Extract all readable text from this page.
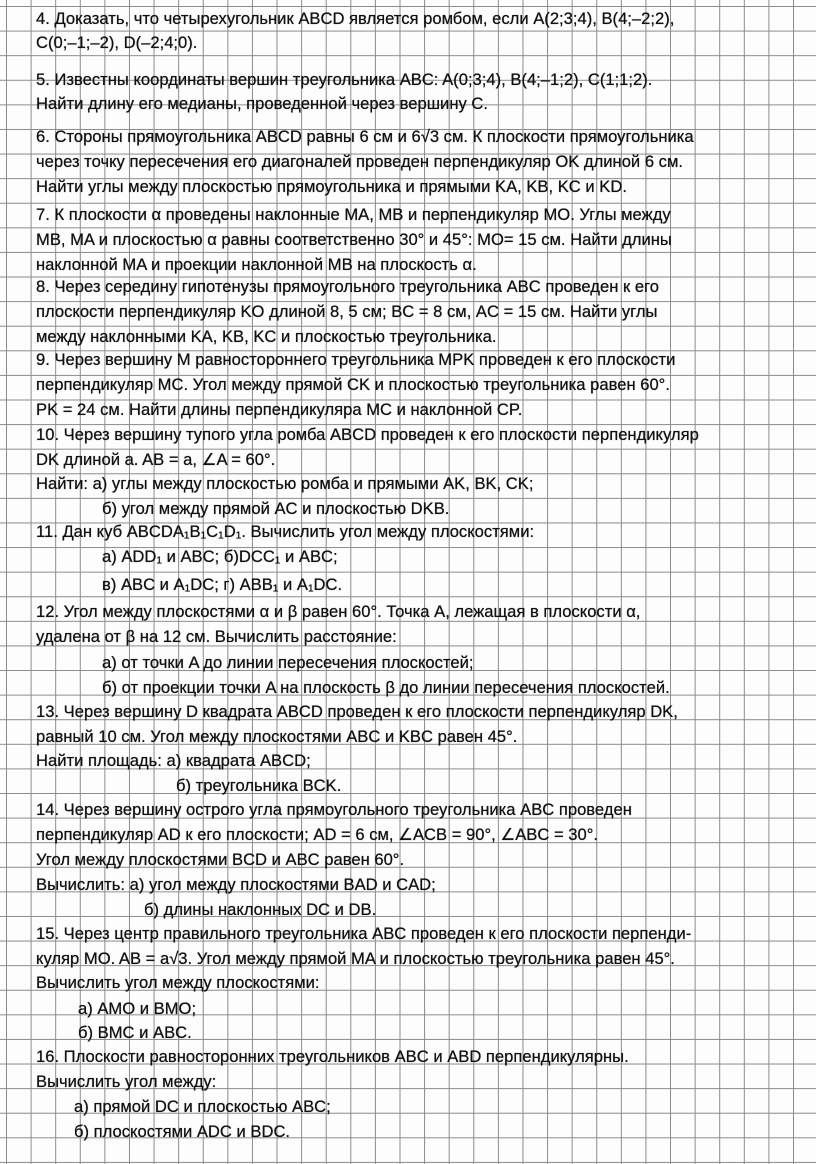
4. Доказать, что четырехугольник ABCD является ромбом, если A(2;3;4), B(4;–2;2),
C(0;–1;–2), D(–2;4;0).
5. Известны координаты вершин треугольника ABC: A(0;3;4), B(4;–1;2), C(1;1;2).
Найти длину его медианы, проведенной через вершину C.
6. Стороны прямоугольника ABCD равны 6 см и 6√3 см. К плоскости прямоугольника
через точку пересечения его диагоналей проведен перпендикуляр OK длиной 6 см.
Найти углы между плоскостью прямоугольника и прямыми KA, KB, KC и KD.
7. К плоскости α проведены наклонные MA, MB и перпендикуляр MO. Углы между
MB, MA и плоскостью α равны соответственно 30° и 45°: MO= 15 см. Найти длины
наклонной MA и проекции наклонной MB на плоскость α.
8. Через середину гипотенузы прямоугольного треугольника ABC проведен к его
плоскости перпендикуляр KO длиной 8, 5 см; BC = 8 см, AC = 15 см. Найти углы
между наклонными KA, KB, KC и плоскостью треугольника.
9. Через вершину M равностороннего треугольника MPK проведен к его плоскости
перпендикуляр MC. Угол между прямой CK и плоскостью треугольника равен 60°.
PK = 24 см. Найти длины перпендикуляра MC и наклонной CP.
10. Через вершину тупого угла ромба ABCD проведен к его плоскости перпендикуляр
DK длиной a. AB = a, ∠A = 60°.
Найти: а) углы между плоскостью ромба и прямыми AK, BK, CK;
б) угол между прямой AC и плоскостью DKB.
11. Дан куб ABCDA₁B₁C₁D₁. Вычислить угол между плоскостями:
а) ADD₁ и ABC; б)DCC₁ и ABC;
в) ABC и A₁DC; г) ABB₁ и A₁DC.
12. Угол между плоскостями α и β равен 60°. Точка A, лежащая в плоскости α,
удалена от β на 12 см. Вычислить расстояние:
а) от точки A до линии пересечения плоскостей;
б) от проекции точки A на плоскость β до линии пересечения плоскостей.
13. Через вершину D квадрата ABCD проведен к его плоскости перпендикуляр DK,
равный 10 см. Угол между плоскостями ABC и KBC равен 45°.
Найти площадь: а) квадрата ABCD;
б) треугольника BCK.
14. Через вершину острого угла прямоугольного треугольника ABC проведен
перпендикуляр AD к его плоскости; AD = 6 см, ∠ACB = 90°, ∠ABC = 30°.
Угол между плоскостями BCD и ABC равен 60°.
Вычислить: а) угол между плоскостями BAD и CAD;
б) длины наклонных DC и DB.
15. Через центр правильного треугольника ABC проведен к его плоскости перпенди-
куляр MO. AB = a√3. Угол между прямой MA и плоскостью треугольника равен 45°.
Вычислить угол между плоскостями:
а) AMO и BMO;
б) BMC и ABC.
16. Плоскости равносторонних треугольников ABC и ABD перпендикулярны.
Вычислить угол между:
а) прямой DC и плоскостью ABC;
б) плоскостями ADC и BDC.
